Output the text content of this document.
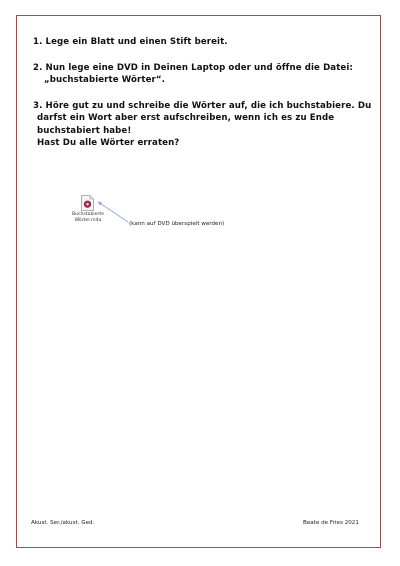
1. Lege ein Blatt und einen Stift bereit.

2. Nun lege eine DVD in Deinen Laptop oder und öffne die Datei:

„buchstabierte Wörter“.

3. Höre gut zu und schreibe die Wörter auf, die ich buchstabiere. Du

darfst ein Wort aber erst aufschreiben, wenn ich es zu Ende

buchstabiert habe!

Hast Du alle Wörter erraten?

Buchstabierte
Wörter.m4a
(kann auf DVD überspielt werden)
Akust. Ser./akust. Ged.	Beate de Fries 2021
